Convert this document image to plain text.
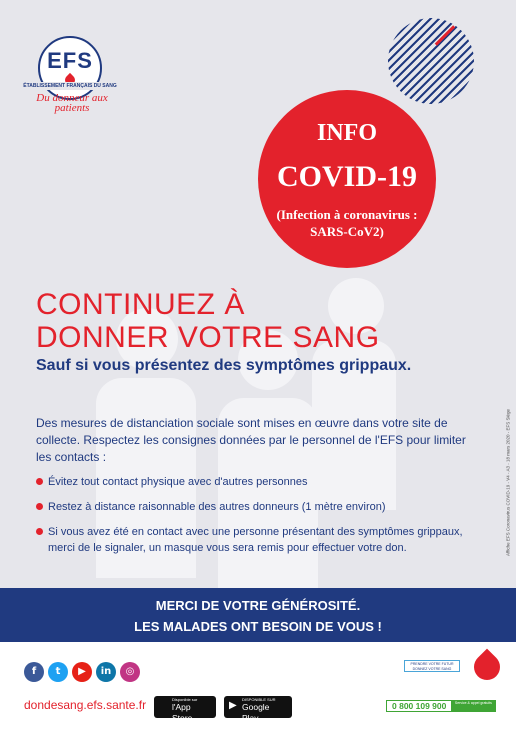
EFS
ÉTABLISSEMENT FRANÇAIS DU SANG
Du donneur aux patients
INFO
COVID-19
(Infection à coronavirus : SARS-CoV2)
CONTINUEZ À
DONNER VOTRE SANG
Sauf si vous présentez des symptômes grippaux.

Des mesures de distanciation sociale sont mises en œuvre dans votre site de collecte. Respectez les consignes données par le personnel de l'EFS pour limiter les contacts :

Évitez tout contact physique avec d'autres personnes
Restez à distance raisonnable des autres donneurs (1 mètre environ)
Si vous avez été en contact avec une personne présentant des symptômes grippaux, merci de le signaler, un masque vous sera remis pour effectuer votre don.	Affiche EFS Coronavirus COVID-19 - V4 - A3 - 18 mars 2020 - EFS Siège
MERCI DE VOTRE GÉNÉROSITÉ.
LES MALADES ONT BESOIN DE VOUS !
f	t	▶	in	◎
dondesang.efs.sante.fr	Disponible sur
l'App Store
▶
DISPONIBLE SUR
Google Play
PRENDRE VOTRE FUTUR DONNEZ VOTRE SANG
0 800 109 900	Service & appel gratuits
